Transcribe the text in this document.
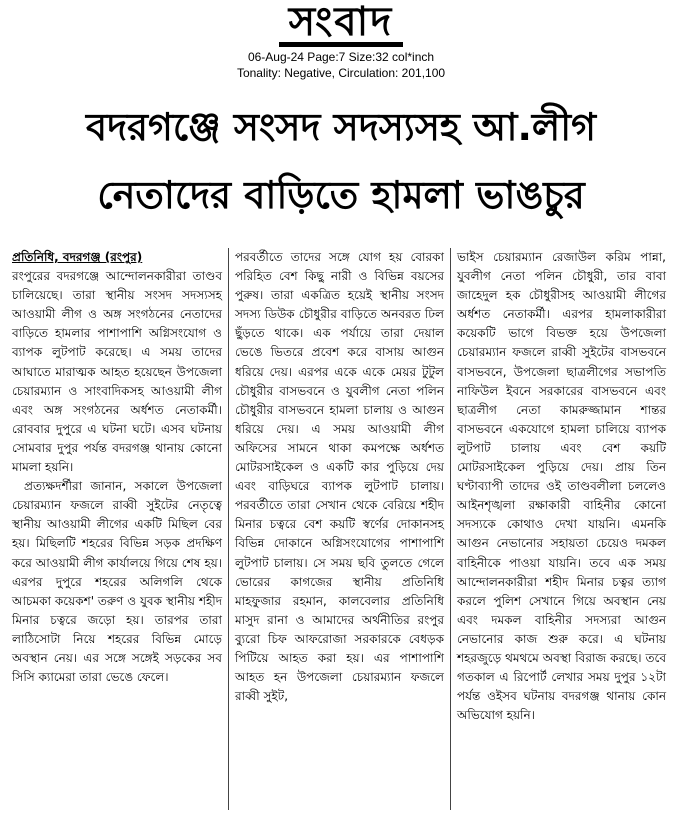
সংবাদ
06-Aug-24 Page:7 Size:32 col*inch
Tonality: Negative, Circulation: 201,100
বদরগঞ্জে সংসদ সদস্যসহ আ.লীগ
নেতাদের বাড়িতে হামলা ভাঙচুর

প্রতিনিধি, বদরগঞ্জ (রংপুর)

রংপুরের বদরগঞ্জে আন্দোলনকারীরা তাণ্ডব চালিয়েছে। তারা স্থানীয় সংসদ সদস্যসহ আওয়ামী লীগ ও অঙ্গ সংগঠনের নেতাদের বাড়িতে হামলার পাশাপাশি অগ্নিসংযোগ ও ব্যাপক লুটপাট করেছে। এ সময় তাদের আঘাতে মারাত্মক আহত হয়েছেন উপজেলা চেয়ারম্যান ও সাংবাদিকসহ আওয়ামী লীগ এবং অঙ্গ সংগঠনের অর্ধশত নেতাকর্মী। রোববার দুপুরে এ ঘটনা ঘটে। এসব ঘটনায় সোমবার দুপুর পর্যন্ত বদরগঞ্জ থানায় কোনো মামলা হয়নি।

প্রত্যক্ষদর্শীরা জানান, সকালে উপজেলা চেয়ারম্যান ফজলে রাব্বী সুইটের নেতৃত্বে স্থানীয় আওয়ামী লীগের একটি মিছিল বের হয়। মিছিলটি শহরের বিভিন্ন সড়ক প্রদক্ষিণ করে আওয়ামী লীগ কার্যালয়ে গিয়ে শেষ হয়। এরপর দুপুরে শহরের অলিগলি থেকে আচমকা কয়েকশ' তরুণ ও যুবক স্থানীয় শহীদ মিনার চত্বরে জড়ো হয়। তারপর তারা লাঠিসোটা নিয়ে শহরের বিভিন্ন মোড়ে অবস্থান নেয়। এর সঙ্গে সঙ্গেই সড়কের সব সিসি ক্যামেরা তারা ভেঙে ফেলে।

পরবর্তীতে তাদের সঙ্গে যোগ হয় বোরকা পরিহিত বেশ কিছু নারী ও বিভিন্ন বয়সের পুরুষ। তারা একত্রিত হয়েই স্থানীয় সংসদ সদস্য ডিউক চৌধুরীর বাড়িতে অনবরত ঢিল ছুঁড়তে থাকে। এক পর্যায়ে তারা দেয়াল ভেঙে ভিতরে প্রবেশ করে বাসায় আগুন ধরিয়ে দেয়। এরপর একে একে মেয়র টুটুল চৌধুরীর বাসভবনে ও যুবলীগ নেতা পলিন চৌধুরীর বাসভবনে হামলা চালায় ও আগুন ধরিয়ে দেয়। এ সময় আওয়ামী লীগ অফিসের সামনে থাকা কমপক্ষে অর্ধশত মোটরসাইকেল ও একটি কার পুড়িয়ে দেয় এবং বাড়িঘরে ব্যাপক লুটপাট চালায়। পরবর্তীতে তারা সেখান থেকে বেরিয়ে শহীদ মিনার চত্বরে বেশ কয়টি স্বর্ণের দোকানসহ বিভিন্ন দোকানে অগ্নিসংযোগের পাশাপাশি লুটপাট চালায়। সে সময় ছবি তুলতে গেলে ভোরের কাগজের স্থানীয় প্রতিনিধি মাহফুজার রহমান, কালবেলার প্রতিনিধি মাসুদ রানা ও আমাদের অর্থনীতির রংপুর ব্যুরো চিফ আফরোজা সরকারকে বেধড়ক পিটিয়ে আহত করা হয়। এর পাশাপাশি আহত হন উপজেলা চেয়ারম্যান ফজলে রাব্বী সুইট,

ভাইস চেয়ারম্যান রেজাউল করিম পান্না, যুবলীগ নেতা পলিন চৌধুরী, তার বাবা জাহেদুল হক চৌধুরীসহ আওয়ামী লীগের অর্ধশত নেতাকর্মী। এরপর হামলাকারীরা কয়েকটি ভাগে বিভক্ত হয়ে উপজেলা চেয়ারম্যান ফজলে রাব্বী সুইটের বাসভবনে বাসভবনে, উপজেলা ছাত্রলীগের সভাপতি নাফিউল ইবনে সরকারের বাসভবনে এবং ছাত্রলীগ নেতা কামরুজ্জামান শান্তর বাসভবনে একযোগে হামলা চালিয়ে ব্যাপক লুটপাট চালায় এবং বেশ কয়টি মোটরসাইকেল পুড়িয়ে দেয়। প্রায় তিন ঘণ্টাব্যাপী তাদের ওই তাণ্ডবলীলা চললেও আইনশৃঙ্খলা রক্ষাকারী বাহিনীর কোনো সদস্যকে কোথাও দেখা যায়নি। এমনকি আগুন নেভানোর সহায়তা চেয়েও দমকল বাহিনীকে পাওয়া যায়নি। তবে এক সময় আন্দোলনকারীরা শহীদ মিনার চত্বর ত্যাগ করলে পুলিশ সেখানে গিয়ে অবস্থান নেয় এবং দমকল বাহিনীর সদস্যরা আগুন নেভানোর কাজ শুরু করে। এ ঘটনায় শহরজুড়ে থমথমে অবস্থা বিরাজ করছে। তবে গতকাল এ রিপোর্ট লেখার সময় দুপুর ১২টা পর্যন্ত ওইসব ঘটনায় বদরগঞ্জ থানায় কোন অভিযোগ হয়নি।
